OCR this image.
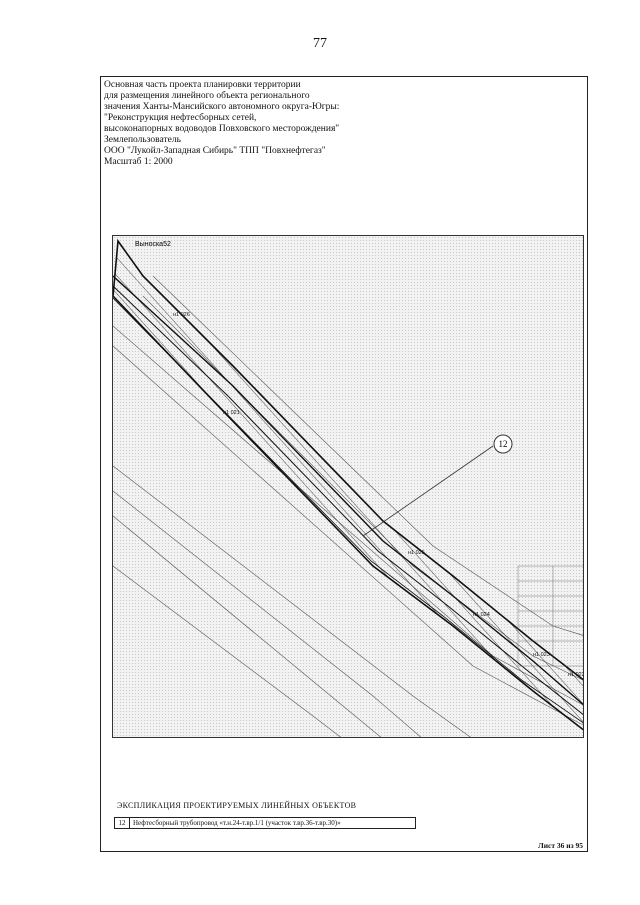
77
Основная часть проекта планировки территории
для размещения линейного объекта регионального
значения Ханты-Мансийского автономного округа-Югры:
"Реконструкция нефтесборных сетей,
высоконапорных водоводов Повховского месторождения"
Землепользователь
ООО "Лукойл-Западная Сибирь" ТПП "Повхнефтегаз"
Масштаб 1: 2000
12
Выноска52
н1 026
н1 025
н1 024
н1 023
н1 022
н1 021
ЭКСПЛИКАЦИЯ ПРОЕКТИРУЕМЫХ ЛИНЕЙНЫХ ОБЪЕКТОВ
12	Нефтесборный трубопровод «т.н.24-т.вр.1/1 (участок т.вр.36-т.вр.30)»
Лист 36 из 95
